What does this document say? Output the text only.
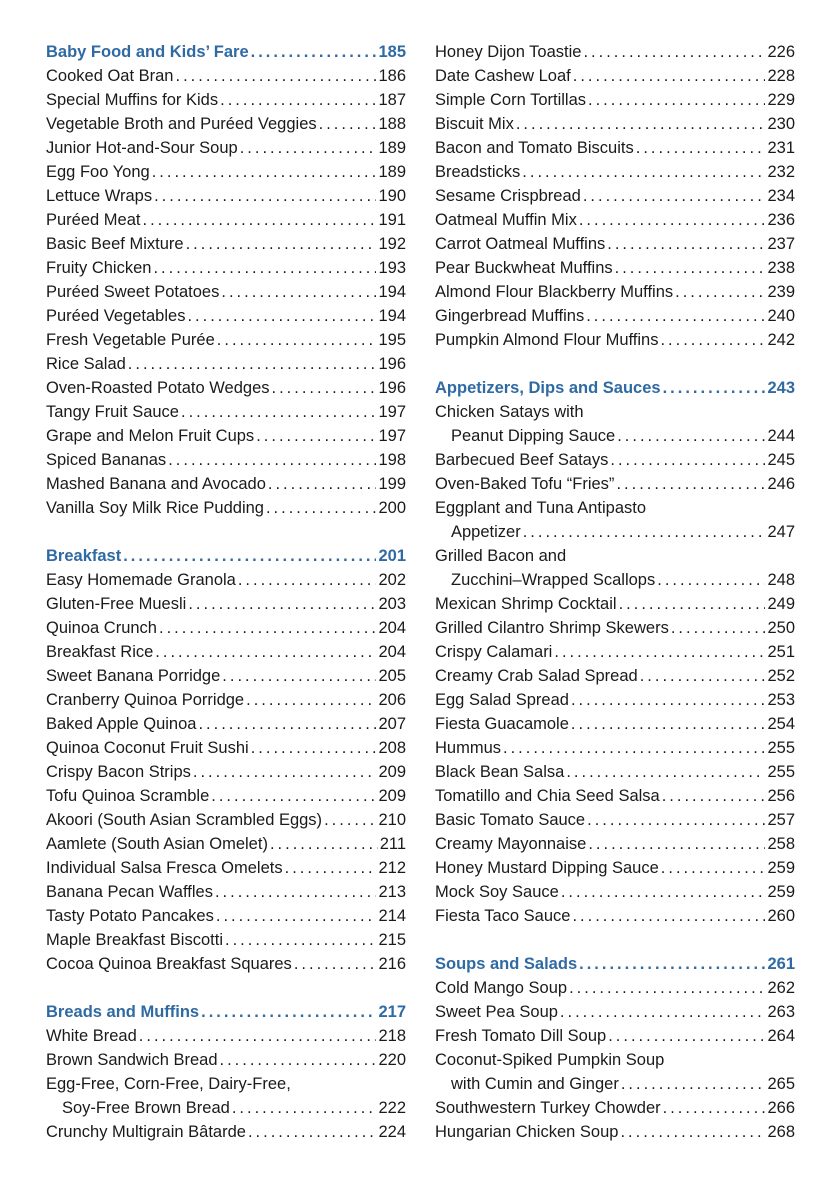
Baby Food and Kids’ Fare .....	185
Cooked Oat Bran .....	186
Special Muffins for Kids .....	187
Vegetable Broth and Puréed Veggies .....	188
Junior Hot-and-Sour Soup .....	189
Egg Foo Yong .....	189
Lettuce Wraps .....	190
Puréed Meat .....	191
Basic Beef Mixture .....	192
Fruity Chicken .....	193
Puréed Sweet Potatoes .....	194
Puréed Vegetables .....	194
Fresh Vegetable Purée .....	195
Rice Salad .....	196
Oven-Roasted Potato Wedges .....	196
Tangy Fruit Sauce .....	197
Grape and Melon Fruit Cups .....	197
Spiced Bananas .....	198
Mashed Banana and Avocado .....	199
Vanilla Soy Milk Rice Pudding .....	200
Breakfast .....	201
Easy Homemade Granola .....	202
Gluten-Free Muesli .....	203
Quinoa Crunch .....	204
Breakfast Rice .....	204
Sweet Banana Porridge .....	205
Cranberry Quinoa Porridge .....	206
Baked Apple Quinoa .....	207
Quinoa Coconut Fruit Sushi .....	208
Crispy Bacon Strips .....	209
Tofu Quinoa Scramble .....	209
Akoori (South Asian Scrambled Eggs) .....	210
Aamlete (South Asian Omelet) .....	211
Individual Salsa Fresca Omelets .....	212
Banana Pecan Waffles .....	213
Tasty Potato Pancakes .....	214
Maple Breakfast Biscotti .....	215
Cocoa Quinoa Breakfast Squares .....	216
Breads and Muffins .....	217
White Bread .....	218
Brown Sandwich Bread .....	220
Egg-Free, Corn-Free, Dairy-Free,
Soy-Free Brown Bread .....	222
Crunchy Multigrain Bâtarde .....	224
Honey Dijon Toastie .....	226
Date Cashew Loaf .....	228
Simple Corn Tortillas .....	229
Biscuit Mix .....	230
Bacon and Tomato Biscuits .....	231
Breadsticks .....	232
Sesame Crispbread .....	234
Oatmeal Muffin Mix .....	236
Carrot Oatmeal Muffins .....	237
Pear Buckwheat Muffins .....	238
Almond Flour Blackberry Muffins .....	239
Gingerbread Muffins .....	240
Pumpkin Almond Flour Muffins .....	242
Appetizers, Dips and Sauces .....	243
Chicken Satays with
Peanut Dipping Sauce .....	244
Barbecued Beef Satays .....	245
Oven-Baked Tofu “Fries” .....	246
Eggplant and Tuna Antipasto
Appetizer .....	247
Grilled Bacon and
Zucchini–Wrapped Scallops .....	248
Mexican Shrimp Cocktail .....	249
Grilled Cilantro Shrimp Skewers .....	250
Crispy Calamari .....	251
Creamy Crab Salad Spread .....	252
Egg Salad Spread .....	253
Fiesta Guacamole .....	254
Hummus .....	255
Black Bean Salsa .....	255
Tomatillo and Chia Seed Salsa .....	256
Basic Tomato Sauce .....	257
Creamy Mayonnaise .....	258
Honey Mustard Dipping Sauce .....	259
Mock Soy Sauce .....	259
Fiesta Taco Sauce .....	260
Soups and Salads .....	261
Cold Mango Soup .....	262
Sweet Pea Soup .....	263
Fresh Tomato Dill Soup .....	264
Coconut-Spiked Pumpkin Soup
with Cumin and Ginger .....	265
Southwestern Turkey Chowder .....	266
Hungarian Chicken Soup .....	268
